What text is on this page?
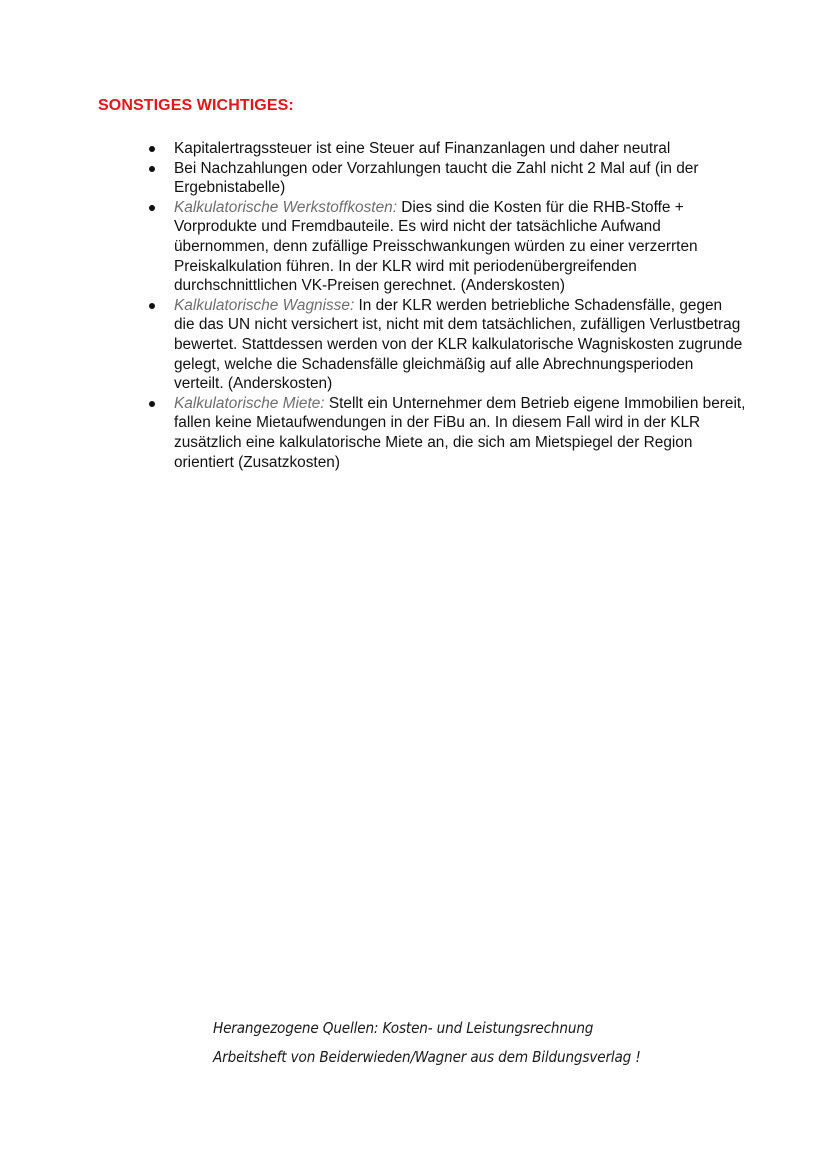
SONSTIGES WICHTIGES:
Kapitalertragssteuer ist eine Steuer auf Finanzanlagen und daher neutral
Bei Nachzahlungen oder Vorzahlungen taucht die Zahl nicht 2 Mal auf (in der Ergebnistabelle)
Kalkulatorische Werkstoffkosten: Dies sind die Kosten für die RHB-Stoffe + Vorprodukte und Fremdbauteile. Es wird nicht der tatsächliche Aufwand übernommen, denn zufällige Preisschwankungen würden zu einer verzerrten Preiskalkulation führen. In der KLR wird mit periodenübergreifenden durchschnittlichen VK-Preisen gerechnet. (Anderskosten)
Kalkulatorische Wagnisse: In der KLR werden betriebliche Schadensfälle, gegen die das UN nicht versichert ist, nicht mit dem tatsächlichen, zufälligen Verlustbetrag bewertet. Stattdessen werden von der KLR kalkulatorische Wagniskosten zugrunde gelegt, welche die Schadensfälle gleichmäßig auf alle Abrechnungsperioden verteilt. (Anderskosten)
Kalkulatorische Miete: Stellt ein Unternehmer dem Betrieb eigene Immobilien bereit, fallen keine Mietaufwendungen in der FiBu an. In diesem Fall wird in der KLR zusätzlich eine kalkulatorische Miete an, die sich am Mietspiegel der Region orientiert (Zusatzkosten)
Herangezogene Quellen: Kosten- und Leistungsrechnung
Arbeitsheft von Beiderwieden/Wagner aus dem Bildungsverlag !
